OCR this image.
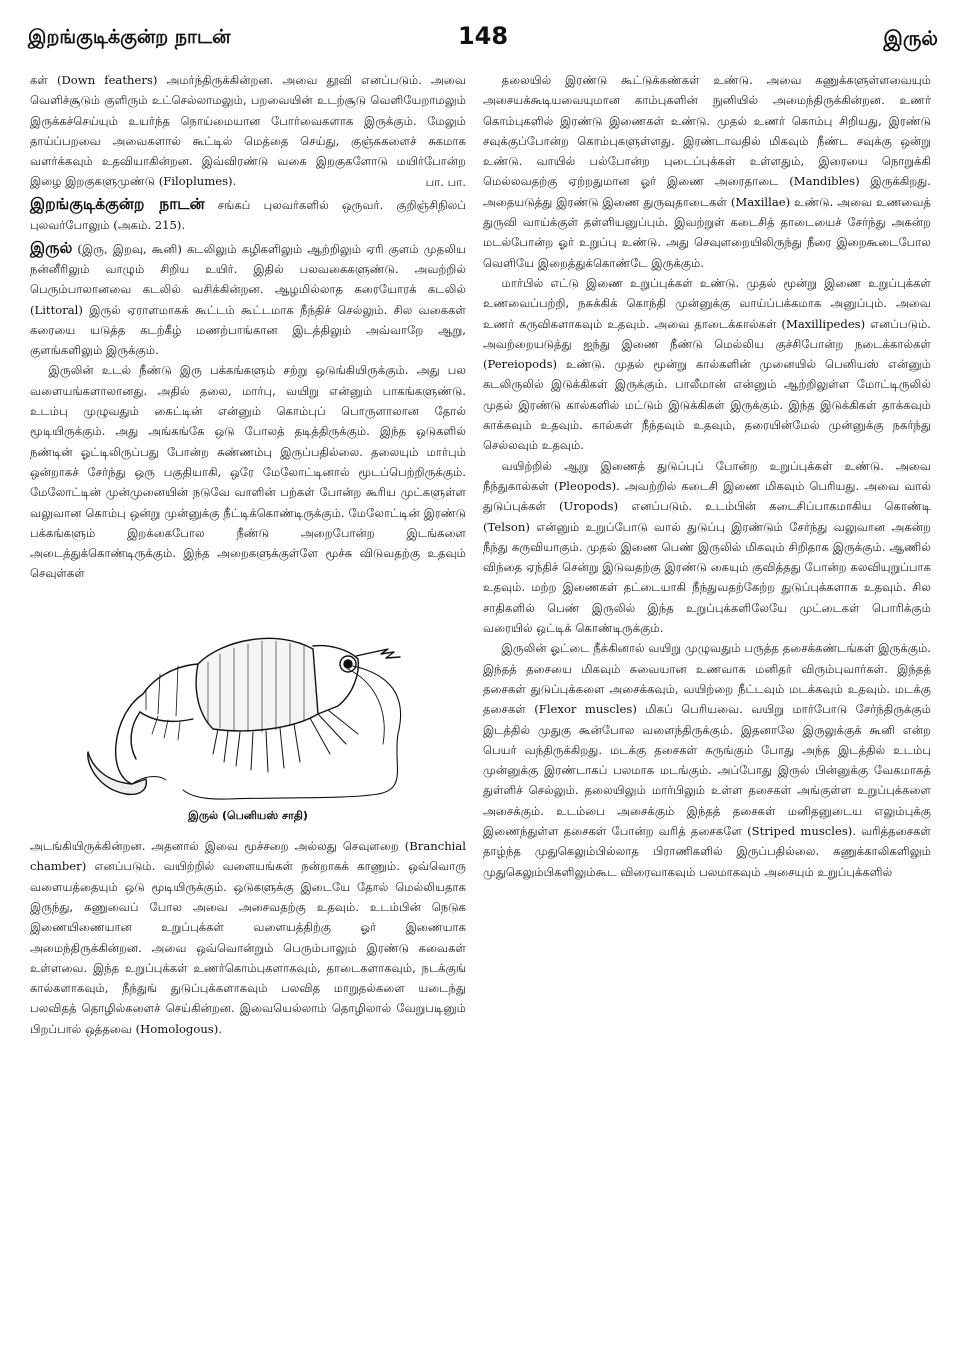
இறங்குடிக்குன்ற நாடன்	148	இருல்

கள் (Down feathers) அமர்ந்திருக்கின்றன. அவை தூவி எனப்படும். அவை வெளிச்சூடும் குளிரும் உட்செல்லாமலும், பறவையின் உடற்சூடு வெளியேறாமலும் இருக்கச்செய்யும் உயர்ந்த நொய்மையான போர்வைகளாக இருக்கும். மேலும் தாய்ப்பறவை அவைகளால் கூட்டில் மெத்தை செய்து, குஞ்சுகளைச் சுகமாக வளர்க்கவும் உதவியாகின்றன. இவ்விரண்டு வகை இறகுகளோடு மயிர்போன்ற இழை இறகுகளுமுண்டு (Filoplumes).	பா. பா.

இறங்குடிக்குன்ற நாடன் சங்கப் புலவர்களில் ஒருவர். குறிஞ்சிநிலப் புலவர்போலும் (அகம். 215).

இருல் (இரு, இறவு, கூனி) கடலிலும் கழிகளிலும் ஆற்றிலும் ஏரி குளம் முதலிய நன்னீரிலும் வாழும் சிறிய உயிர். இதில் பலவகைகளுண்டு. அவற்றில் பெரும்பாலானவை கடலில் வசிக்கின்றன. ஆழமில்லாத கரையோரக் கடலில் (Littoral) இருல் ஏராளமாகக் கூட்டம் கூட்டமாக நீந்திச் செல்லும். சில வகைகள் கரையை யடுத்த கடற்கீழ் மணற்பாங்கான இடத்திலும் அவ்வாறே ஆறு, குளங்களிலும் இருக்கும்.

இருலின் உடல் நீண்டு இரு பக்கங்களும் சற்று ஒடுங்கியிருக்கும். அது பல வளையங்களாலானது. அதில் தலை, மார்பு, வயிறு என்னும் பாகங்களுண்டு. உடம்பு முழுவதும் கைட்டின் என்னும் கொம்புப் பொருளாலான தோல் மூடியிருக்கும். அது அங்கங்கே ஒடு போலத் தடித்திருக்கும். இந்த ஒடுகளில் நண்டின் ஓட்டிலிருப்பது போன்ற சுண்ணம்பு இருப்பதில்லை. தலையும் மார்பும் ஒன்றாகச் சேர்ந்து ஒரு பகுதியாகி, ஒரே மேலோட்டினால் மூடப்பெற்றிருக்கும். மேலோட்டின் முன்முனையின் நடுவே வாளின் பற்கள் போன்ற கூரிய முட்களுள்ள வலுவான கொம்பு ஒன்று முன்னுக்கு நீட்டிக்கொண்டிருக்கும். மேலோட்டின் இரண்டு பக்கங்களும் இறக்கைபோல நீண்டு அறைபோன்ற இடங்களை அடைத்துக்கொண்டிருக்கும். இந்த அறைகளுக்குள்ளே மூச்சு விடுவதற்கு உதவும் செவுள்கள்

இருல் (பெனியஸ் சாதி)

அடங்கியிருக்கின்றன. அதனால் இவை மூச்சறை அல்லது செவுளறை (Branchial chamber) எனப்படும். வயிற்றில் வளையங்கள் நன்றாகக் காணும். ஒவ்வொரு வளையத்தையும் ஒடு மூடியிருக்கும். ஒடுகளுக்கு இடையே தோல் மெல்லியதாக இருந்து, கணுவைப் போல அவை அசைவதற்கு உதவும். உடம்பின் நெடுக இணையிணையான உறுப்புக்கள் வளையத்திற்கு ஓர் இணையாக அமைந்திருக்கின்றன. அவை ஒவ்வொன்றும் பெரும்பாலும் இரண்டு கவைகள் உள்ளவை. இந்த உறுப்புக்கள் உணர்கொம்புகளாகவும், தாடைகளாகவும், நடக்குங் கால்களாகவும், நீந்துங் துடுப்புக்களாகவும் பலவித மாறுதல்களை யடைந்து பலவிதத் தொழில்களைச் செய்கின்றன. இவையெல்லாம் தொழிலால் வேறுபடினும் பிறப்பால் ஒத்தவை (Homologous).

தலையில் இரண்டு கூட்டுக்கண்கள் உண்டு. அவை கணுக்களுள்ளவையும் அசையக்கூடியவையுமான காம்புகளின் நுனியில் அமைந்திருக்கின்றன. உணர் கொம்புகளில் இரண்டு இணைகள் உண்டு. முதல் உணர் கொம்பு சிறியது, இரண்டு சவுக்குப்போன்ற கொம்புகளுள்ளது. இரண்டாவதில் மிகவும் நீண்ட சவுக்கு ஒன்று உண்டு. வாயில் பல்போன்ற புடைப்புக்கள் உள்ளதும், இரையை நொறுக்கி மெல்லவதற்கு ஏற்றதுமான ஓர் இணை அரைதாடை (Mandibles) இருக்கிறது. அதையடுத்து இரண்டு இணை துருவுதாடைகள் (Maxillae) உண்டு. அவை உணவைத் துருவி வாய்க்குள் தள்ளியனுப்பும். இவற்றுள் கடைசித் தாடையைச் சேர்ந்து அகன்ற மடல்போன்ற ஓர் உறுப்பு உண்டு. அது செவுளறையிலிருந்து நீரை இறைகூடைபோல வெளியே இறைத்துக்கொண்டே இருக்கும்.

மார்பில் எட்டு இணை உறுப்புக்கள் உண்டு. முதல் மூன்று இணை உறுப்புக்கள் உணவைப்பற்றி, நசுக்கிக் கொந்தி முன்னுக்கு வாய்ப்பக்கமாக அனுப்பும். அவை உணர் கருவிகளாகவும் உதவும். அவை தாடைக்கால்கள் (Maxillipedes) எனப்படும். அவற்றையடுத்து ஐந்து இணை நீண்டு மெல்லிய குச்சிபோன்ற நடைக்கால்கள் (Pereiopods) உண்டு. முதல் மூன்று கால்களின் முனையில் பெனியஸ் என்னும் கடலிருலில் இடுக்கிகள் இருக்கும். பாலீமான் என்னும் ஆற்றிலுள்ள மோட்டிருலில் முதல் இரண்டு கால்களில் மட்டும் இடுக்கிகள் இருக்கும். இந்த இடுக்கிகள் தாக்கவும் காக்கவும் உதவும். கால்கள் நீந்தவும் உதவும், தரையின்மேல் முன்னுக்கு நகர்ந்து செல்லவும் உதவும்.

வயிற்றில் ஆறு இணைத் துடுப்புப் போன்ற உறுப்புக்கள் உண்டு. அவை நீந்துகால்கள் (Pleopods). அவற்றில் கடைசி இணை மிகவும் பெரியது. அவை வால் துடுப்புக்கள் (Uropods) எனப்படும். உடம்பின் கடைசிப்பாகமாகிய கொண்டி (Telson) என்னும் உறுப்போடு வால் துடுப்பு இரண்டும் சேர்ந்து வலுவான அகன்ற நீந்து கருவியாகும். முதல் இணை பெண் இருலில் மிகவும் சிறிதாக இருக்கும். ஆணில் விந்தை ஏந்திச் சென்று இடுவதற்கு இரண்டு கையும் குவித்தது போன்ற கலவியுறுப்பாக உதவும். மற்ற இணைகள் தட்டையாகி நீந்துவதற்கேற்ற துடுப்புக்களாக உதவும். சில சாதிகளில் பெண் இருலில் இந்த உறுப்புக்களிலேயே முட்டைகள் பொரிக்கும் வரையில் ஒட்டிக் கொண்டிருக்கும்.

இருலின் ஓட்டை நீக்கினால் வயிறு முழுவதும் பருத்த தசைக்கண்டங்கள் இருக்கும். இந்தத் தசையை மிகவும் சுவையான உணவாக மனிதர் விரும்புவார்கள். இந்தத் தசைகள் துடுப்புக்களை அசைக்கவும், வயிற்றை நீட்டவும் மடக்கவும் உதவும். மடக்கு தசைகள் (Flexor muscles) மிகப் பெரியவை. வயிறு மார்போடு சேர்ந்திருக்கும் இடத்தில் முதுகு கூன்போல வளைந்திருக்கும். இதனாலே இருலுக்குக் கூனி என்ற பெயர் வந்திருக்கிறது. மடக்கு தசைகள் சுருங்கும் போது அந்த இடத்தில் உடம்பு முன்னுக்கு இரண்டாகப் பலமாக மடங்கும். அப்போது இருல் பின்னுக்கு வேகமாகத் துள்ளிச் செல்லும். தலையிலும் மார்பிலும் உள்ள தசைகள் அங்குள்ள உறுப்புக்களை அசைக்கும். உடம்பை அசைக்கும் இந்தத் தசைகள் மனிதனுடைய எலும்புக்கு இணைந்துள்ள தசைகள் போன்ற வரித் தசைகளே (Striped muscles). வரித்தசைகள் தாழ்ந்த முதுகெலும்பில்லாத பிராணிகளில் இருப்பதில்லை. கணுக்காலிகளிலும் முதுகெலும்பிகளிலும்கூட விரைவாகவும் பலமாகவும் அசையும் உறுப்புக்களில்
